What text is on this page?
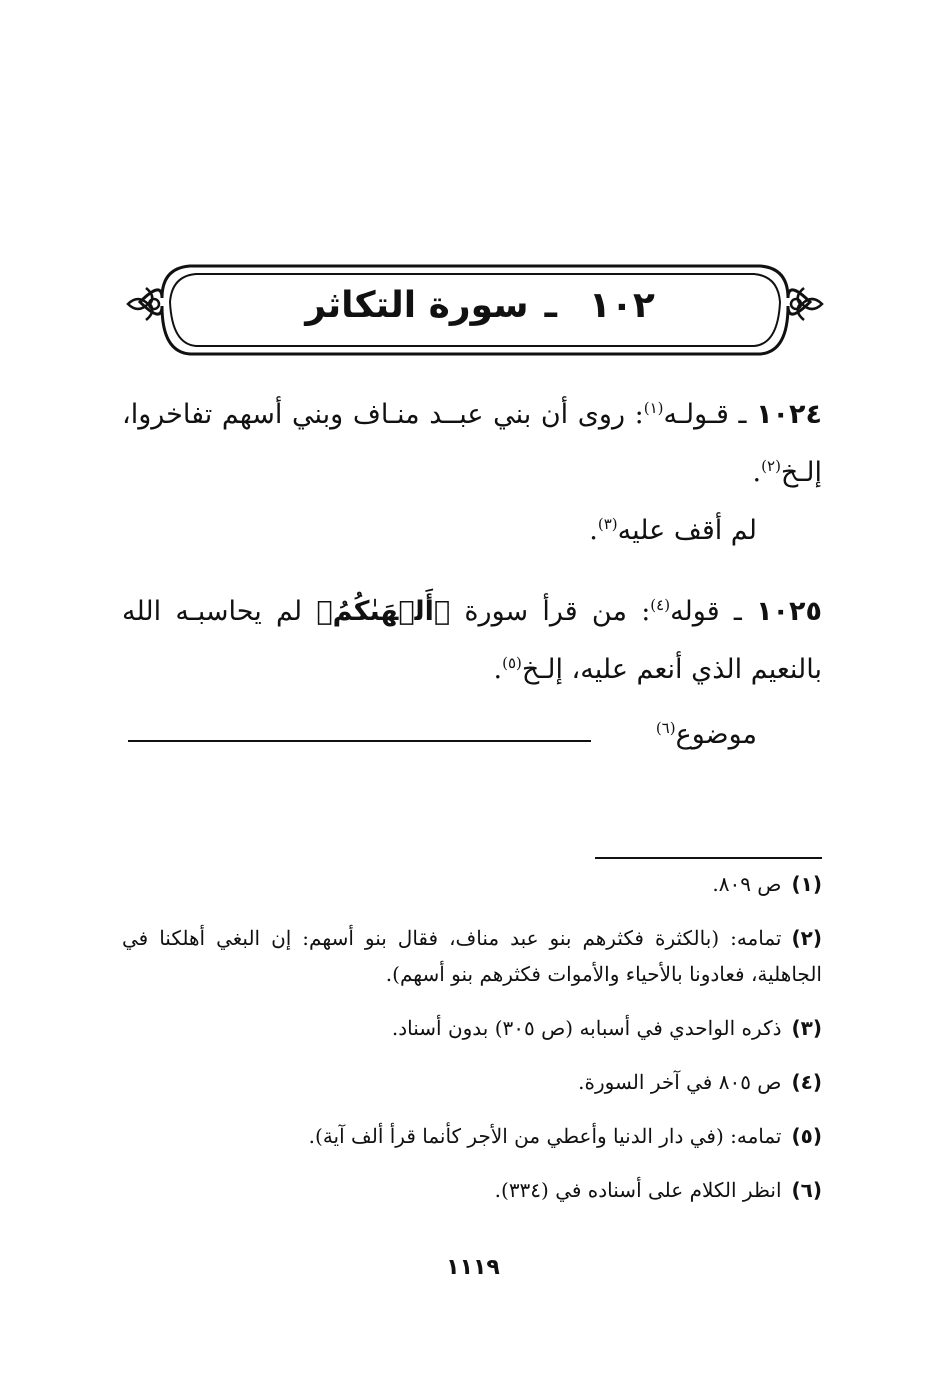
١٠٢
ـ
سورة التكاثر
١٠٢٤ ـ قـولـه$^{(١)}$: روى أن بني عبــد منـاف وبني أسهم تفاخروا، إلـخ$^{(٢)}$.
لم أقف عليه$^{(٣)}$.
١٠٢٥ ـ قوله$^{(٤)}$: من قرأ سورة ﴿أَلۡهَىٰكُمُ﴾ لم يحاسبـه الله بالنعيم الذي أنعم عليه، إلـخ$^{(٥)}$.
موضوع$^{(٦)}$
(١)ص ٨٠٩.
(٢)تمامه: (بالكثرة فكثرهم بنو عبد مناف، فقال بنو أسهم: إن البغي أهلكنا في الجاهلية، فعادونا بالأحياء والأموات فكثرهم بنو أسهم).
(٣)ذكره الواحدي في أسبابه (ص ٣٠٥) بدون أسناد.
(٤)ص ٨٠٥ في آخر السورة.
(٥)تمامه: (في دار الدنيا وأعطي من الأجر كأنما قرأ ألف آية).
(٦)انظر الكلام على أسناده في (٣٣٤).
١١١٩
